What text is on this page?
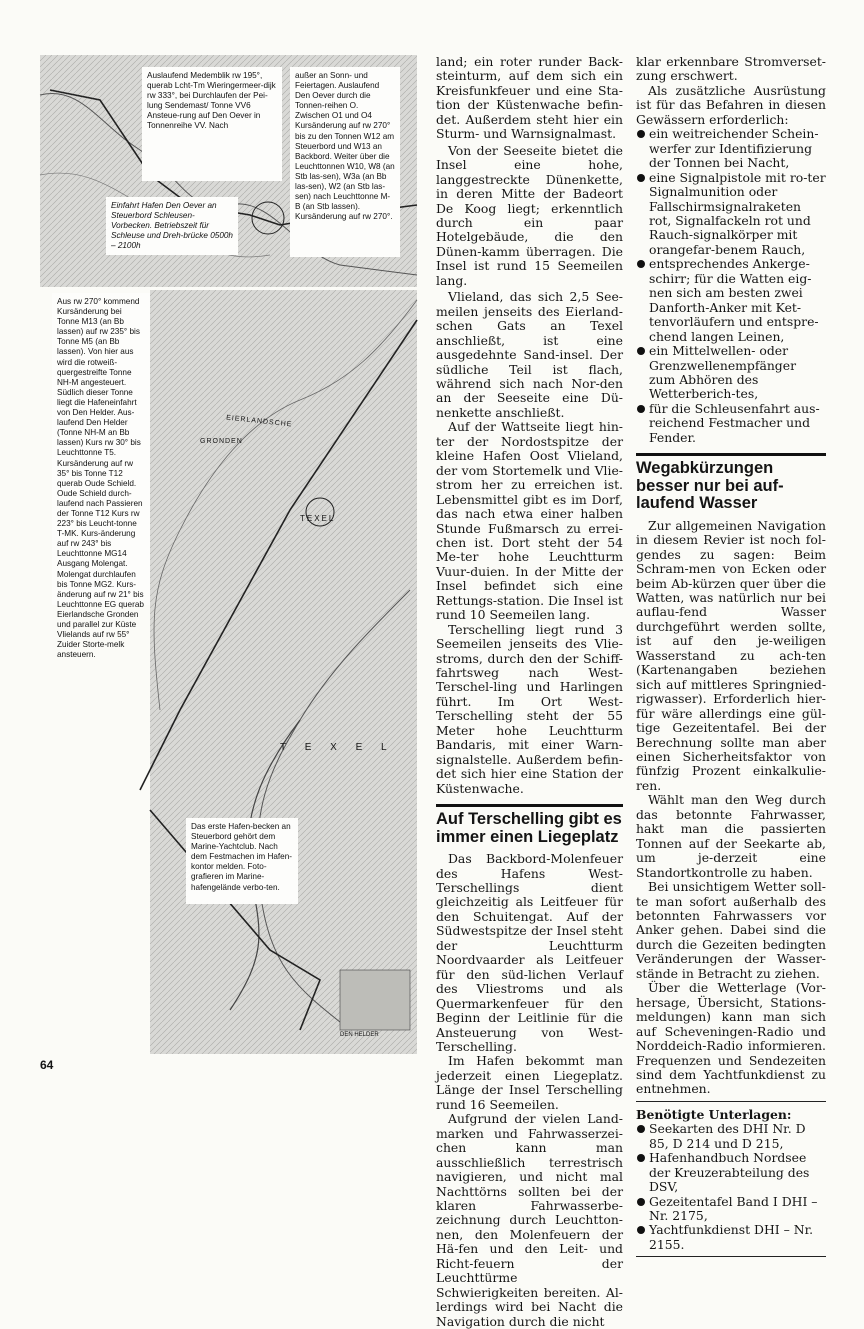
Auslaufend Medemblik rw 195°, querab Lcht-Tm Wieringermeer-dijk rw 333°, bei Durchlaufen der Pei-lung Sendemast/ Tonne VV6 Ansteue-rung auf Den Oever in Tonnenreihe VV. Nach
außer an Sonn- und Feiertagen. Auslaufend Den Oever durch die Tonnen-reihen O. Zwischen O1 und O4 Kursänderung auf rw 270° bis zu den Tonnen W12 am Steuerbord und W13 an Backbord. Weiter über die Leuchttonnen W10, W8 (an Stb las-sen), W3a (an Bb las-sen), W2 (an Stb las-sen) nach Leuchttonne M-B (an Stb lassen). Kursänderung auf rw 270°.
Einfahrt Hafen Den Oever an Steuerbord Schleusen-Vorbecken. Betriebszeit für Schleuse und Dreh-brücke 0500h – 2100h
EIERLANDSCHE
GRONDEN
TEXEL
T E X E L
DEN HELDER
Das erste Hafen-becken an Steuerbord gehört dem Marine-Yachtclub. Nach dem Festmachen im Hafen-kontor melden. Foto-grafieren im Marine-hafengelände verbo-ten.
Aus rw 270° kommend Kursänderung bei Tonne M13 (an Bb lassen) auf rw 235° bis Tonne M5 (an Bb lassen). Von hier aus wird die rotweiß-quergestreifte Tonne NH-M angesteuert. Südlich dieser Tonne liegt die Hafeneinfahrt von Den Helder. Aus-laufend Den Helder (Tonne NH-M an Bb lassen) Kurs rw 30° bis Leuchttonne T5. Kursänderung auf rw 35° bis Tonne T12 querab Oude Schield. Oude Schield durch-laufend nach Passieren der Tonne T12 Kurs rw 223° bis Leucht-tonne T-MK. Kurs-änderung auf rw 243° bis Leuchttonne MG14 Ausgang Molengat. Molengat durchlaufen bis Tonne MG2. Kurs-änderung auf rw 21° bis Leuchttonne EG querab Eierlandsche Gronden und parallel zur Küste Vlielands auf rw 55° Zuider Storte-melk ansteuern.

land; ein roter runder Back-steinturm, auf dem sich ein Kreisfunkfeuer und eine Sta-tion der Küstenwache befin-det. Außerdem steht hier ein Sturm- und Warnsignalmast.

Von der Seeseite bietet die Insel eine hohe, langgestreckte Dünenkette, in deren Mitte der Badeort De Koog liegt; erkenntlich durch ein paar Hotelgebäude, die den Dünen-kamm überragen. Die Insel ist rund 15 Seemeilen lang.

Vlieland, das sich 2,5 See-meilen jenseits des Eierland-schen Gats an Texel anschließt, ist eine ausgedehnte Sand-insel. Der südliche Teil ist flach, während sich nach Nor-den an der Seeseite eine Dü-nenkette anschließt.

Auf der Wattseite liegt hin-ter der Nordostspitze der kleine Hafen Oost Vlieland, der vom Stortemelk und Vlie-strom her zu erreichen ist. Lebensmittel gibt es im Dorf, das nach etwa einer halben Stunde Fußmarsch zu errei-chen ist. Dort steht der 54 Me-ter hohe Leuchtturm Vuur-duien. In der Mitte der Insel befindet sich eine Rettungs-station. Die Insel ist rund 10 Seemeilen lang.

Terschelling liegt rund 3 Seemeilen jenseits des Vlie-stroms, durch den der Schiff-fahrtsweg nach West-Terschel-ling und Harlingen führt. Im Ort West-Terschelling steht der 55 Meter hohe Leuchtturm Bandaris, mit einer Warn-signalstelle. Außerdem befin-det sich hier eine Station der Küstenwache.

Auf Terschelling gibt es immer einen Liegeplatz

Das Backbord-Molenfeuer des Hafens West-Terschellings dient gleichzeitig als Leitfeuer für den Schuitengat. Auf der Südwestspitze der Insel steht der Leuchtturm Noordvaarder als Leitfeuer für den süd-lichen Verlauf des Vliestroms und als Quermarkenfeuer für den Beginn der Leitlinie für die Ansteuerung von West-Terschelling.

Im Hafen bekommt man jederzeit einen Liegeplatz. Länge der Insel Terschelling rund 16 Seemeilen.

Aufgrund der vielen Land-marken und Fahrwasserzei-chen kann man ausschließlich terrestrisch navigieren, und nicht mal Nachttörns sollten bei der klaren Fahrwasserbe-zeichnung durch Leuchtton-nen, den Molenfeuern der Hä-fen und den Leit- und Richt-feuern der Leuchttürme Schwierigkeiten bereiten. Al-lerdings wird bei Nacht die Navigation durch die nicht

klar erkennbare Stromverset-zung erschwert.

Als zusätzliche Ausrüstung ist für das Befahren in diesen Gewässern erforderlich:

ein weitreichender Schein-werfer zur Identifizierung der Tonnen bei Nacht,
eine Signalpistole mit ro-ter Signalmunition oder Fallschirmsignalraketen rot, Signalfackeln rot und Rauch-signalkörper mit orangefar-benem Rauch,
entsprechendes Ankerge-schirr; für die Watten eig-nen sich am besten zwei Danforth-Anker mit Ket-tenvorläufern und entspre-chend langen Leinen,
ein Mittelwellen- oder Grenzwellenempfänger zum Abhören des Wetterberich-tes,
für die Schleusenfahrt aus-reichend Festmacher und Fender.
Wegabkürzungen besser nur bei auf-laufend Wasser

Zur allgemeinen Navigation in diesem Revier ist noch fol-gendes zu sagen: Beim Schram-men von Ecken oder beim Ab-kürzen quer über die Watten, was natürlich nur bei auflau-fend Wasser durchgeführt werden sollte, ist auf den je-weiligen Wasserstand zu ach-ten (Kartenangaben beziehen sich auf mittleres Springnied-rigwasser). Erforderlich hier-für wäre allerdings eine gül-tige Gezeitentafel. Bei der Berechnung sollte man aber einen Sicherheitsfaktor von fünfzig Prozent einkalkulie-ren.

Wählt man den Weg durch das betonnte Fahrwasser, hakt man die passierten Tonnen auf der Seekarte ab, um je-derzeit eine Standortkontrolle zu haben.

Bei unsichtigem Wetter soll-te man sofort außerhalb des betonnten Fahrwassers vor Anker gehen. Dabei sind die durch die Gezeiten bedingten Veränderungen der Wasser-stände in Betracht zu ziehen.

Über die Wetterlage (Vor-hersage, Übersicht, Stations-meldungen) kann man sich auf Scheveningen-Radio und Norddeich-Radio informieren. Frequenzen und Sendezeiten sind dem Yachtfunkdienst zu entnehmen.

Benötigte Unterlagen:
Seekarten des DHI Nr. D 85, D 214 und D 215,
Hafenhandbuch Nordsee der Kreuzerabteilung des DSV,
Gezeitentafel Band I DHI – Nr. 2175,
Yachtfunkdienst DHI – Nr. 2155.
64
